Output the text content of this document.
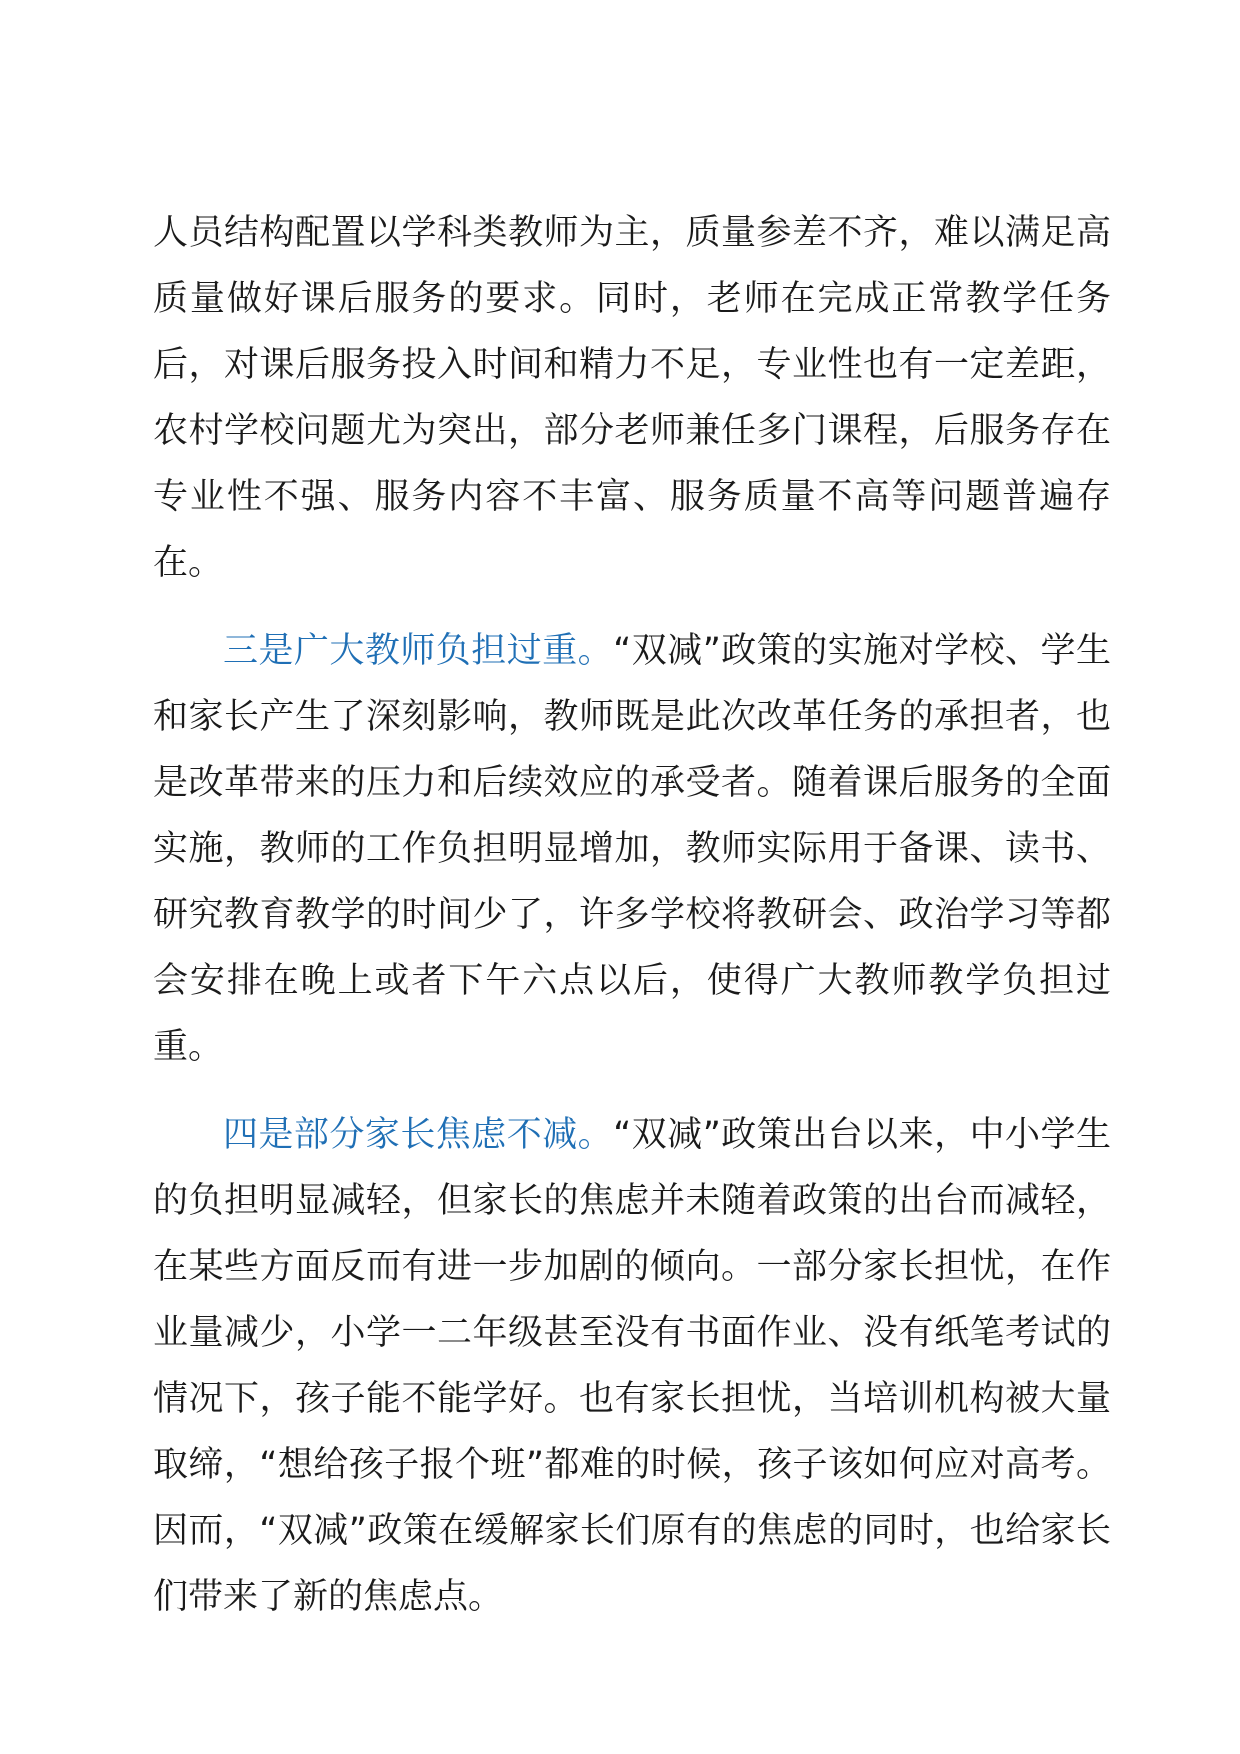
人员结构配置以学科类教师为主，质量参差不齐，难以满足高质量做好课后服务的要求。同时，老师在完成正常教学任务后，对课后服务投入时间和精力不足，专业性也有一定差距，农村学校问题尤为突出，部分老师兼任多门课程，后服务存在专业性不强、服务内容不丰富、服务质量不高等问题普遍存在。

三是广大教师负担过重。“双减”政策的实施对学校、学生和家长产生了深刻影响，教师既是此次改革任务的承担者，也是改革带来的压力和后续效应的承受者。随着课后服务的全面实施，教师的工作负担明显增加，教师实际用于备课、读书、研究教育教学的时间少了，许多学校将教研会、政治学习等都会安排在晚上或者下午六点以后，使得广大教师教学负担过重。

四是部分家长焦虑不减。“双减”政策出台以来，中小学生的负担明显减轻，但家长的焦虑并未随着政策的出台而减轻，在某些方面反而有进一步加剧的倾向。一部分家长担忧，在作业量减少，小学一二年级甚至没有书面作业、没有纸笔考试的情况下，孩子能不能学好。也有家长担忧，当培训机构被大量取缔，“想给孩子报个班”都难的时候，孩子该如何应对高考。因而，“双减”政策在缓解家长们原有的焦虑的同时，也给家长们带来了新的焦虑点。
